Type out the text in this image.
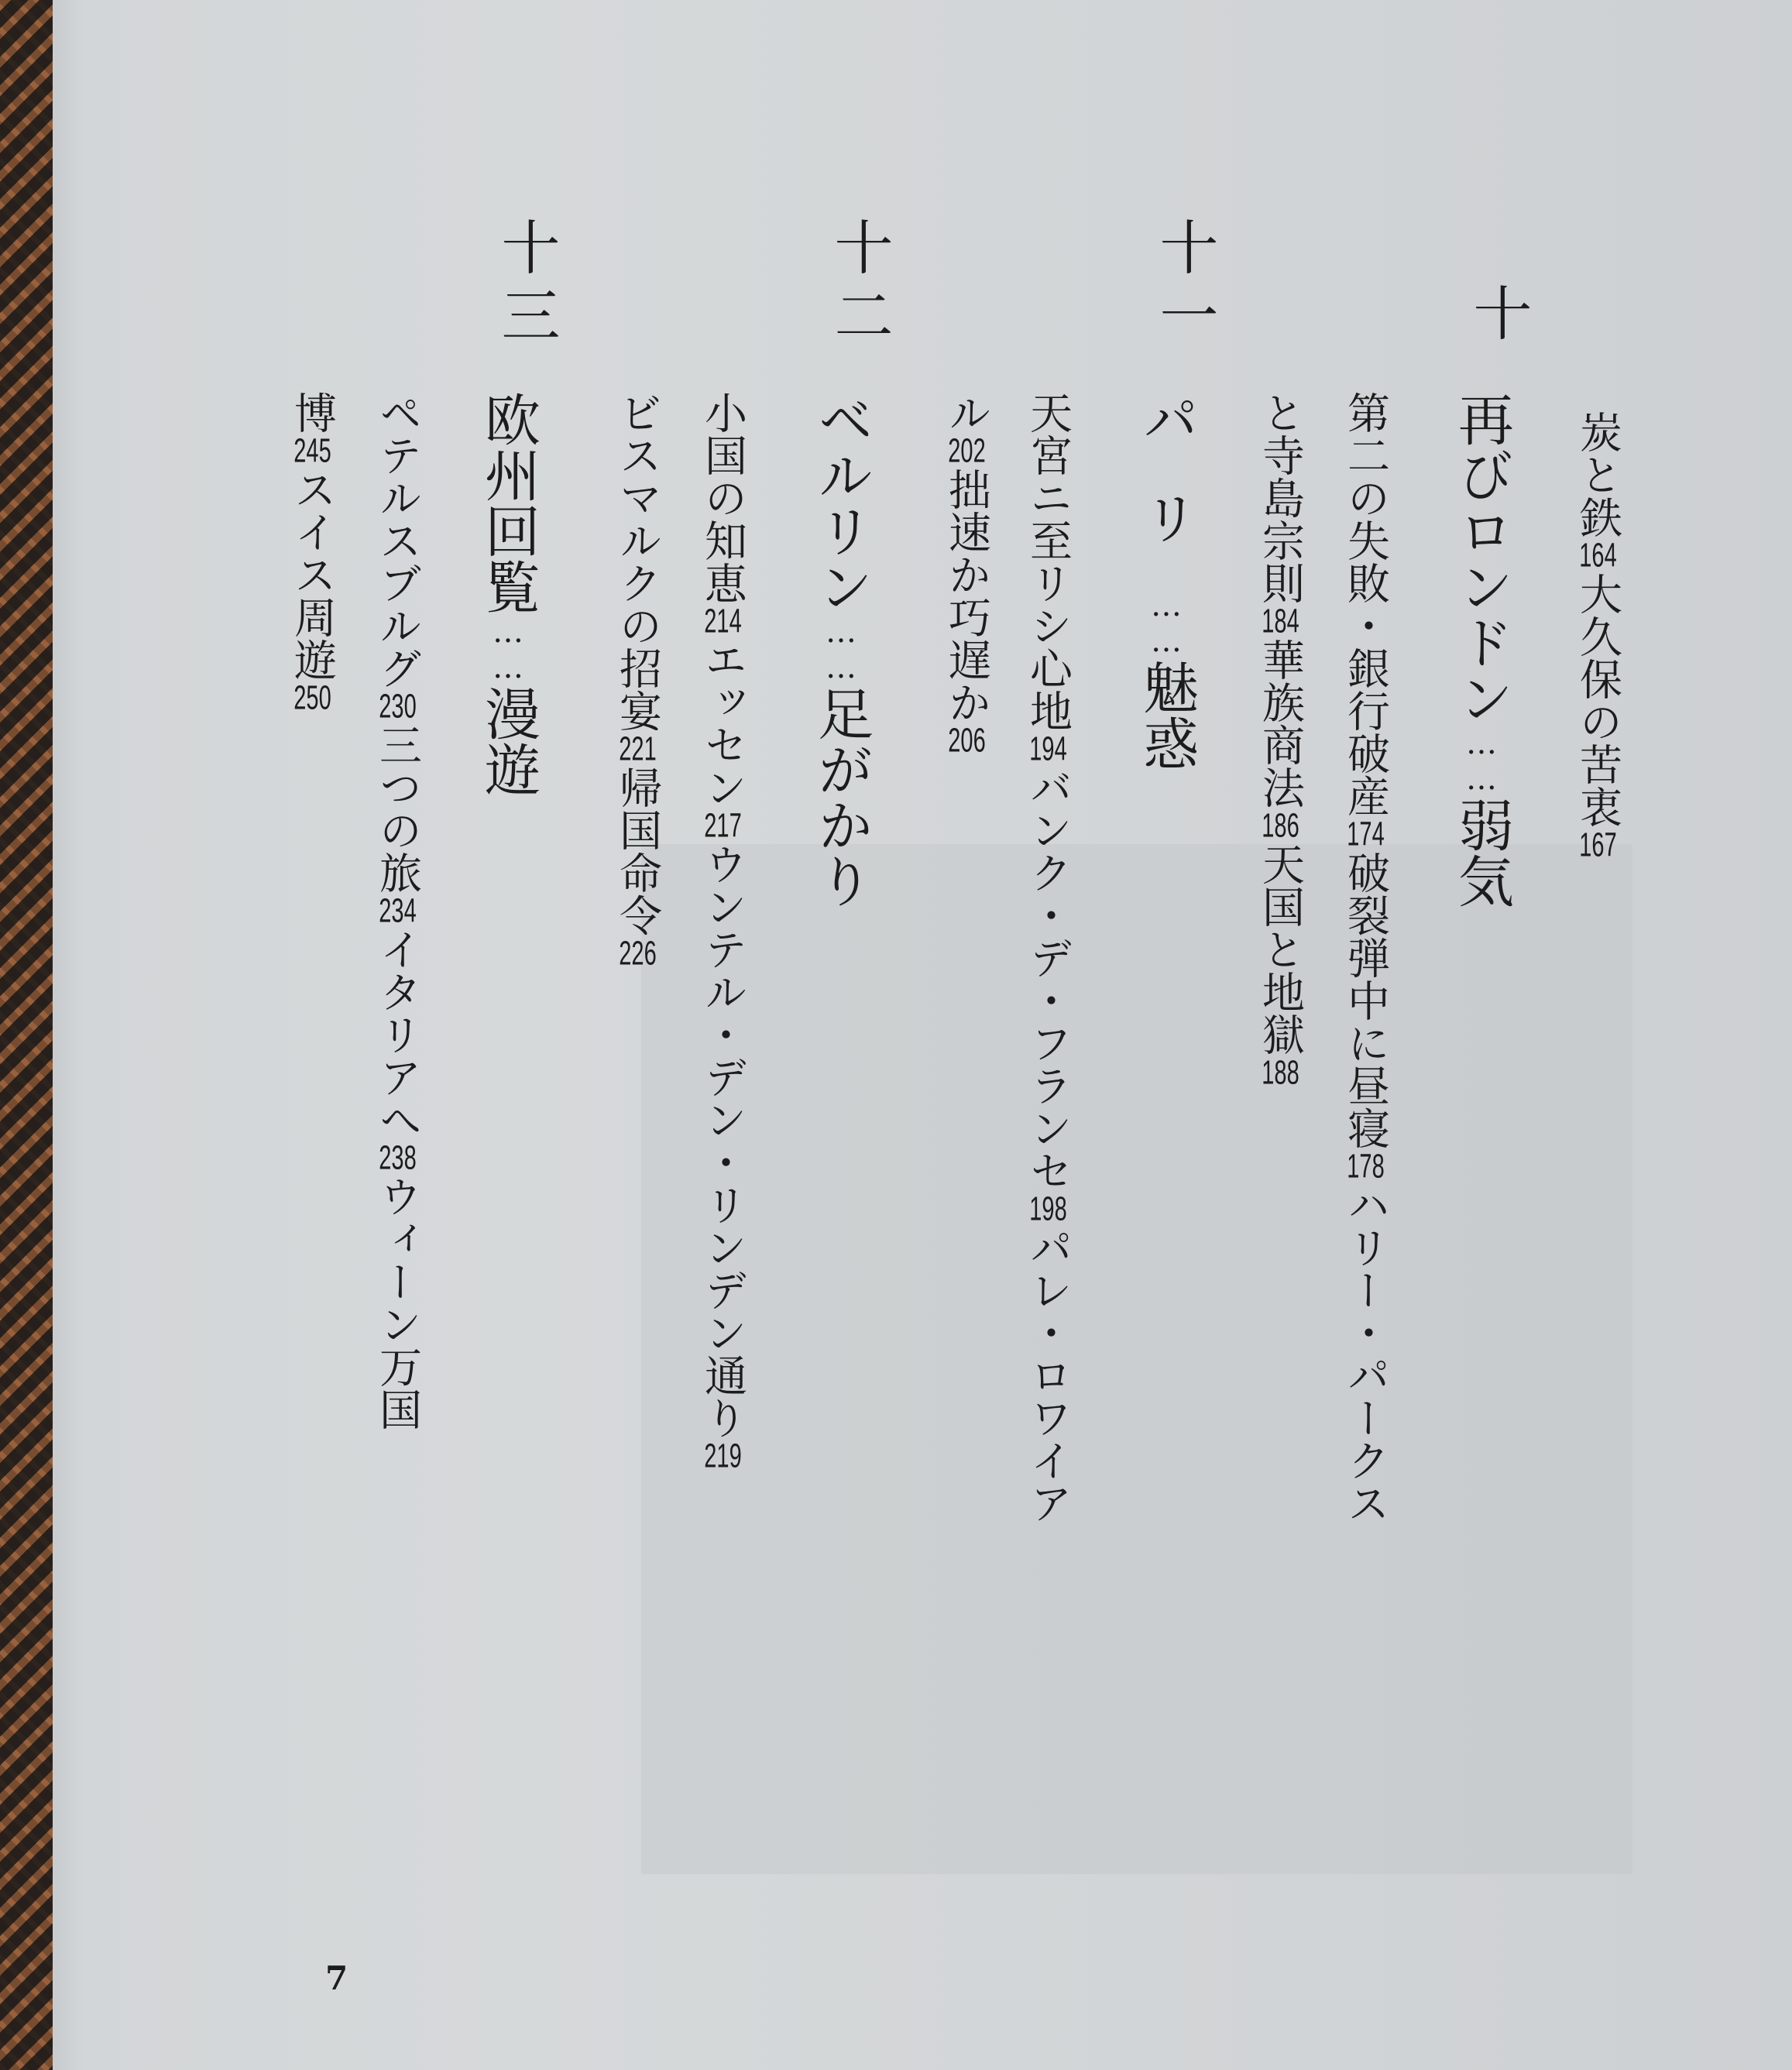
炭と鉄164大久保の苦衷167
十
再びロンドン……弱気
第二の失敗・銀行破産174破裂弾中に昼寝178ハリー・パークス
と寺島宗則184華族商法186天国と地獄188
十一
パリ……魅惑
天宮ニ至リシ心地194バンク・デ・フランセ198パレ・ロワイア
ル202拙速か巧遅か206
十二
ベルリン……足がかり
小国の知恵214エッセン217ウンテル・デン・リンデン通り219
ビスマルクの招宴221帰国命令226
十三
欧州回覧……漫遊
ペテルスブルグ230三つの旅234イタリアへ238ウィーン万国
博245スイス周遊250
7
